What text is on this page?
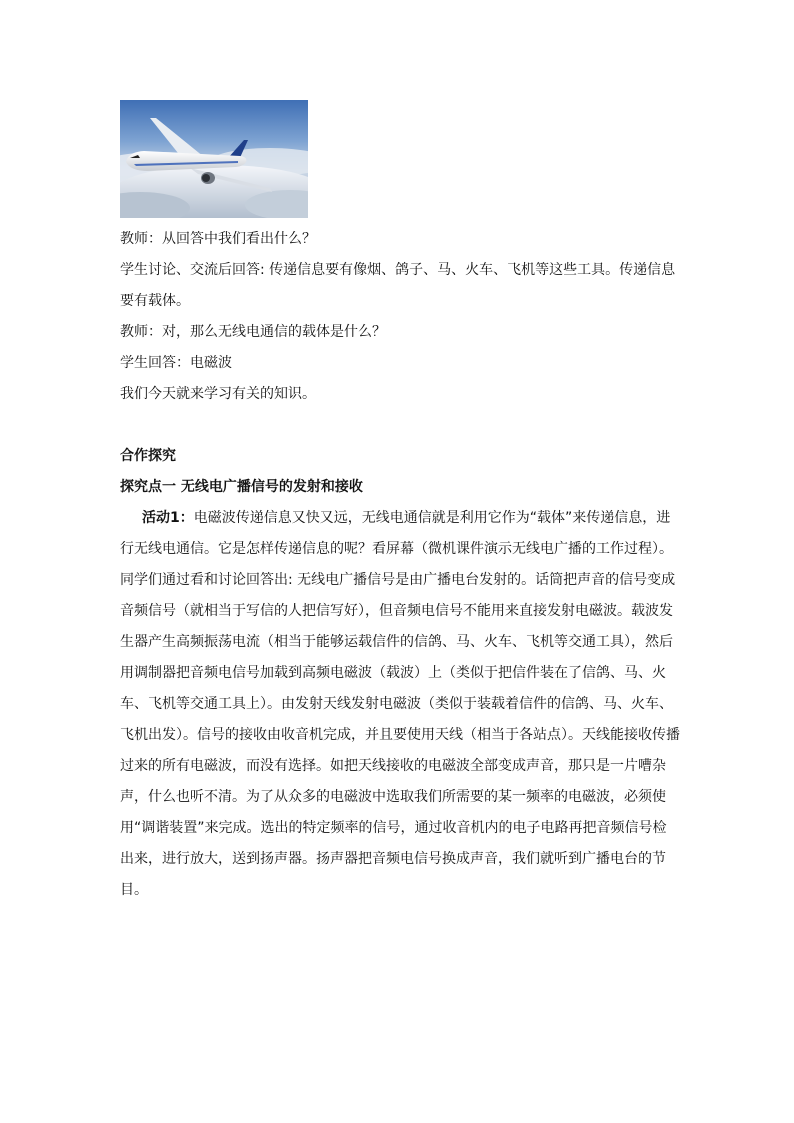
教师：从回答中我们看出什么？

学生讨论、交流后回答: 传递信息要有像烟、鸽子、马、火车、飞机等这些工具。传递信息要有载体。

教师：对，那么无线电通信的载体是什么？

学生回答：电磁波

我们今天就来学习有关的知识。

合作探究

探究点一 无线电广播信号的发射和接收

活动1：电磁波传递信息又快又远，无线电通信就是利用它作为“载体”来传递信息，进行无线电通信。它是怎样传递信息的呢？看屏幕（微机课件演示无线电广播的工作过程）。

同学们通过看和讨论回答出: 无线电广播信号是由广播电台发射的。话筒把声音的信号变成音频信号（就相当于写信的人把信写好），但音频电信号不能用来直接发射电磁波。载波发生器产生高频振荡电流（相当于能够运载信件的信鸽、马、火车、飞机等交通工具），然后用调制器把音频电信号加载到高频电磁波（载波）上（类似于把信件装在了信鸽、马、火车、飞机等交通工具上）。由发射天线发射电磁波（类似于装载着信件的信鸽、马、火车、飞机出发）。信号的接收由收音机完成，并且要使用天线（相当于各站点）。天线能接收传播过来的所有电磁波，而没有选择。如把天线接收的电磁波全部变成声音，那只是一片嘈杂声，什么也听不清。为了从众多的电磁波中选取我们所需要的某一频率的电磁波，必须使用“调谐装置”来完成。选出的特定频率的信号，通过收音机内的电子电路再把音频信号检出来，进行放大，送到扬声器。扬声器把音频电信号换成声音，我们就听到广播电台的节目。
